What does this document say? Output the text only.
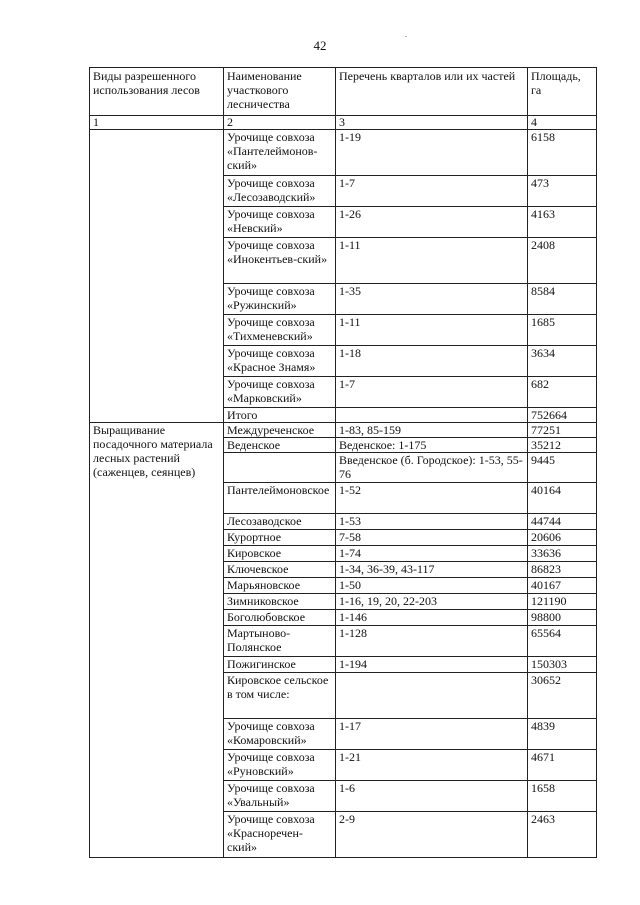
42
.
Виды разрешенного использования лесов	Наименование участкового лесничества	Перечень кварталов или их частей	Площадь, га
1	2	3	4
	Урочище совхоза «Пантелеймонов-ский»	1-19	6158
	Урочище совхоза «Лесозаводский»	1-7	473
	Урочище совхоза «Невский»	1-26	4163
	Урочище совхоза «Инокентьев-ский»	1-11	2408
	Урочище совхоза «Ружинский»	1-35	8584
	Урочище совхоза «Тихменевский»	1-11	1685
	Урочище совхоза «Красное Знамя»	1-18	3634
	Урочище совхоза «Марковский»	1-7	682
	Итого		752664
Выращивание посадочного материала лесных растений (саженцев, сеянцев)	Междуреченское	1-83, 85-159	77251
	Веденское	Веденское: 1-175	35212
		Введенское (б. Городское): 1-53, 55-76	9445
	Пантелеймоновское	1-52	40164
	Лесозаводское	1-53	44744
	Курортное	7-58	20606
	Кировское	1-74	33636
	Ключевское	1-34, 36-39, 43-117	86823
	Марьяновское	1-50	40167
	Зимниковское	1-16, 19, 20, 22-203	121190
	Боголюбовское	1-146	98800
	Мартыново-Полянское	1-128	65564
	Пожигинское	1-194	150303
	Кировское сельское в том числе:		30652
	Урочище совхоза «Комаровский»	1-17	4839
	Урочище совхоза «Руновский»	1-21	4671
	Урочище совхоза «Увальный»	1-6	1658
	Урочище совхоза «Красноречен-ский»	2-9	2463
